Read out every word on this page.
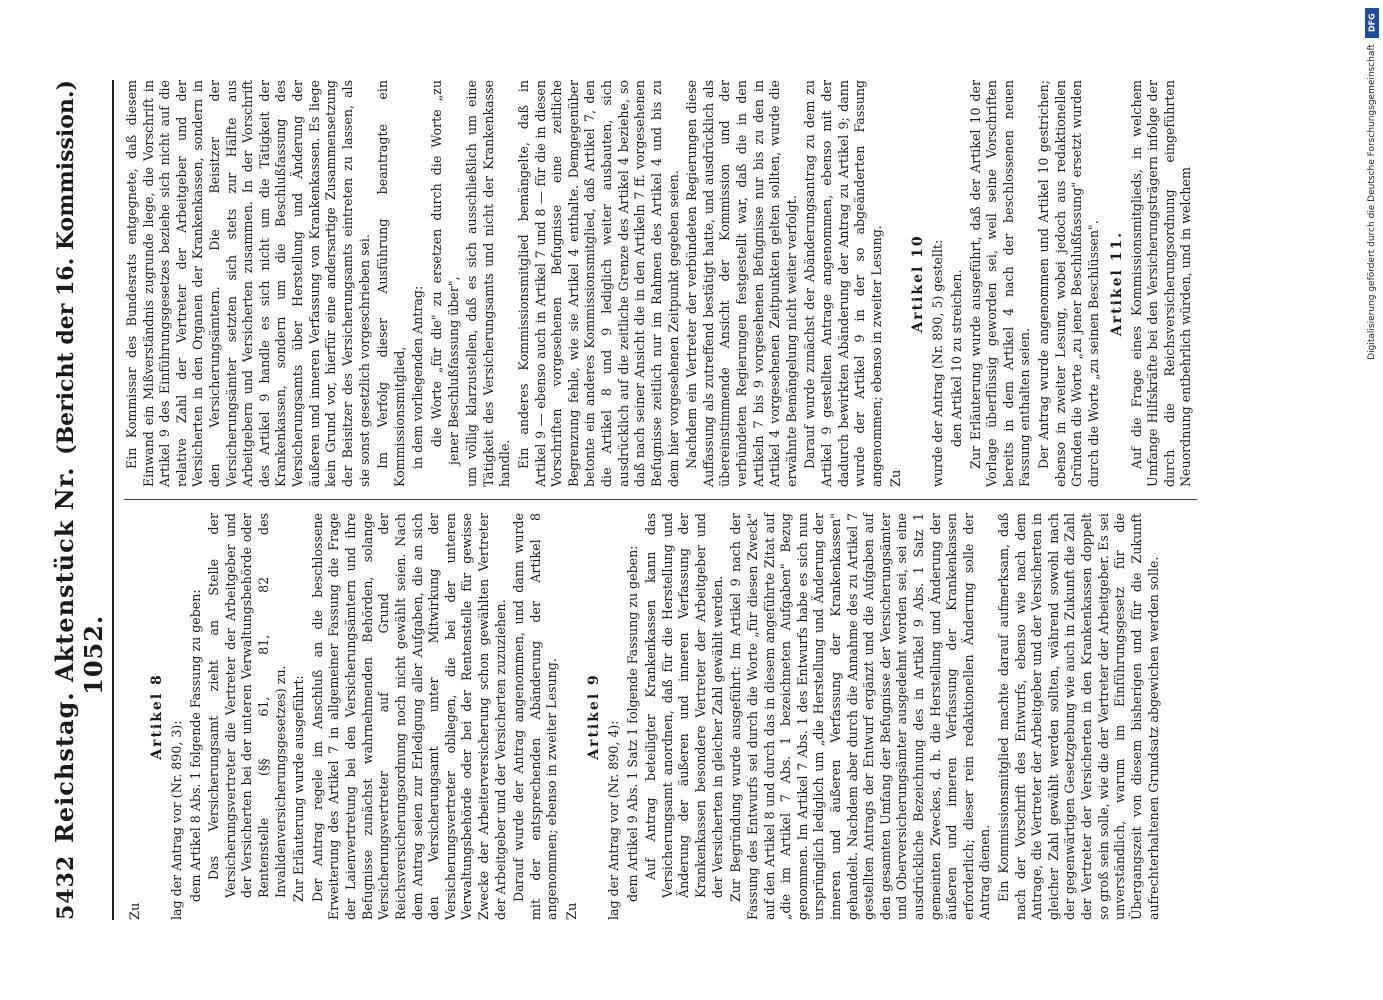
5432
Reichstag. Aktenstück Nr. 1052.
(Bericht der 16. Kommission.)
Zu
Artikel 8

lag der Antrag vor (Nr. 890, 3): dem Artikel 8 Abs. 1 folgende Fassung zu geben: Das Versicherungsamt zieht an Stelle der Versicherungsvertreter die Vertreter der Arbeitgeber und der Versicherten bei der unteren Verwaltungsbehörde oder Rentenstelle (§§ 61, 81, 82 des Invalidenversicherungsgesetzes) zu. Zur Erläuterung wurde ausgeführt: Der Antrag regele im Anschluß an die beschlossene Erweiterung des Artikel 7 in allgemeiner Fassung die Frage der Laienvertretung bei den Versicherungsämtern und ihre Befugnisse zunächst wahrnehmenden Behörden, solange Versicherungsvertreter auf Grund der Reichsversicherungsordnung noch nicht gewählt seien. Nach dem Antrag seien zur Erledigung aller Aufgaben, die an sich den Versicherungsamt unter Mitwirkung der Versicherungsvertreter obliegen, die bei der unteren Verwaltungsbehörde oder bei der Rentenstelle für gewisse Zwecke der Arbeiterversicherung schon gewählten Vertreter der Arbeitgeber und der Versicherten zuzuziehen. Darauf wurde der Antrag angenommen, und dann wurde mit der entsprechenden Abänderung der Artikel 8 angenommen; ebenso in zweiter Lesung. Zu
Artikel 9

lag der Antrag vor (Nr. 890, 4): dem Artikel 9 Abs. 1 Satz 1 folgende Fassung zu geben: Auf Antrag beteiligter Krankenkassen kann das Versicherungsamt anordnen, daß für die Herstellung und Änderung der äußeren und inneren Verfassung der Krankenkassen besondere Vertreter der Arbeitgeber und der Versicherten in gleicher Zahl gewählt werden. Zur Begründung wurde ausgeführt: Im Artikel 9 nach der Fassung des Entwurfs sei durch die Worte „für diesen Zweck" auf den Artikel 8 und durch das in diesem angeführte Zitat auf „die im Artikel 7 Abs. 1 bezeichneten Aufgaben" Bezug genommen. Im Artikel 7 Abs. 1 des Entwurfs habe es sich nun ursprünglich lediglich um „die Herstellung und Änderung der inneren und äußeren Verfassung der Krankenkassen" gehandelt. Nachdem aber durch die Annahme des zu Artikel 7 gestellten Antrags der Entwurf ergänzt und die Aufgaben auf den gesamten Umfang der Befugnisse der Versicherungsämter und Oberversicherungsämter ausgedehnt worden sei, sei eine ausdrückliche Bezeichnung des in Artikel 9 Abs. 1 Satz 1 gemeinten Zweckes, d. h. die Herstellung und Änderung der äußeren und inneren Verfassung der Krankenkassen erforderlich; dieser rein redaktionellen Änderung solle der Antrag dienen. Ein Kommissionsmitglied machte darauf aufmerksam, daß nach der Vorschrift des Entwurfs, ebenso wie nach dem Antrage, die Vertreter der Arbeitgeber und der Versicherten in gleicher Zahl gewählt werden sollten, während sowohl nach der gegenwärtigen Gesetzgebung wie auch in Zukunft die Zahl der Vertreter der Versicherten in den Krankenkassen doppelt so groß sein solle, wie die der Vertreter der Arbeitgeber. Es sei unverständlich, warum im Einführungsgesetz für die Übergangszeit von diesem bisherigen und für die Zukunft aufrechterhaltenen Grundsatz abgewichen werden solle.

Ein Kommissar des Bundesrats entgegnete, daß diesem Einwand ein Mißverständnis zugrunde liege, die Vorschrift in Artikel 9 des Einführungsgesetzes beziehe sich nicht auf die relative Zahl der Vertreter der Arbeitgeber und der Versicherten in den Organen der Krankenkassen, sondern in den Versicherungsämtern. Die Beisitzer der Versicherungsämter setzten sich stets zur Hälfte aus Arbeitgebern und Versicherten zusammen. In der Vorschrift des Artikel 9 handle es sich nicht um die Tätigkeit der Krankenkassen, sondern um die Beschlußfassung des Versicherungsamts über Herstellung und Änderung der äußeren und inneren Verfassung von Krankenkassen. Es liege kein Grund vor, hierfür eine andersartige Zusammensetzung der Beisitzer des Versicherungsamts eintreten zu lassen, als sie sonst gesetzlich vorgeschrieben sei. Im Verfolg dieser Ausführung beantragte ein Kommissionsmitglied, in dem vorliegenden Antrag: die Worte „für die" zu ersetzen durch die Worte „zu jener Beschlußfassung über", um völlig klarzustellen, daß es sich ausschließlich um eine Tätigkeit des Versicherungsamts und nicht der Krankenkasse handle. Ein anderes Kommissionsmitglied bemängelte, daß in Artikel 9 — ebenso auch in Artikel 7 und 8 — für die in diesen Vorschriften vorgesehenen Befugnisse eine zeitliche Begrenzung fehle, wie sie Artikel 4 enthalte. Demgegenüber betonte ein anderes Kommissionsmitglied, daß Artikel 7, den die Artikel 8 und 9 lediglich weiter ausbauten, sich ausdrücklich auf die zeitliche Grenze des Artikel 4 beziehe, so daß nach seiner Ansicht die in den Artikeln 7 ff. vorgesehenen Befugnisse zeitlich nur im Rahmen des Artikel 4 und bis zu dem hier vorgesehenen Zeitpunkt gegeben seien. Nachdem ein Vertreter der verbündeten Regierungen diese Auffassung als zutreffend bestätigt hatte, und ausdrücklich als übereinstimmende Ansicht der Kommission und der verbündeten Regierungen festgestellt war, daß die in den Artikeln 7 bis 9 vorgesehenen Befugnisse nur bis zu den in Artikel 4 vorgesehenen Zeitpunkten gelten sollten, wurde die erwähnte Bemängelung nicht weiter verfolgt. Darauf wurde zunächst der Abänderungsantrag zu dem zu Artikel 9 gestellten Antrage angenommen, ebenso mit der dadurch bewirkten Abänderung der Antrag zu Artikel 9; dann wurde der Artikel 9 in der so abgeänderten Fassung angenommen; ebenso in zweiter Lesung. Zu
Artikel 10 wurde der Antrag (Nr. 890, 5) gestellt: den Artikel 10 zu streichen. Zur Erläuterung wurde ausgeführt, daß der Artikel 10 der Vorlage überflüssig geworden sei, weil seine Vorschriften bereits in dem Artikel 4 nach der beschlossenen neuen Fassung enthalten seien. Der Antrag wurde angenommen und Artikel 10 gestrichen; ebenso in zweiter Lesung, wobei jedoch aus redaktionellen Gründen die Worte „zu jener Beschlußfassung" ersetzt wurden durch die Worte „zu seinen Beschlüssen". Artikel 11. Auf die Frage eines Kommissionsmitglieds, in welchem Umfange Hilfskräfte bei den Versicherungsträgern infolge der durch die Reichsversicherungsordnung eingeführten Neuordnung entbehrlich würden, und in welchem

DFG
Digitalisierung gefördert durch die Deutsche Forschungsgemeinschaft
